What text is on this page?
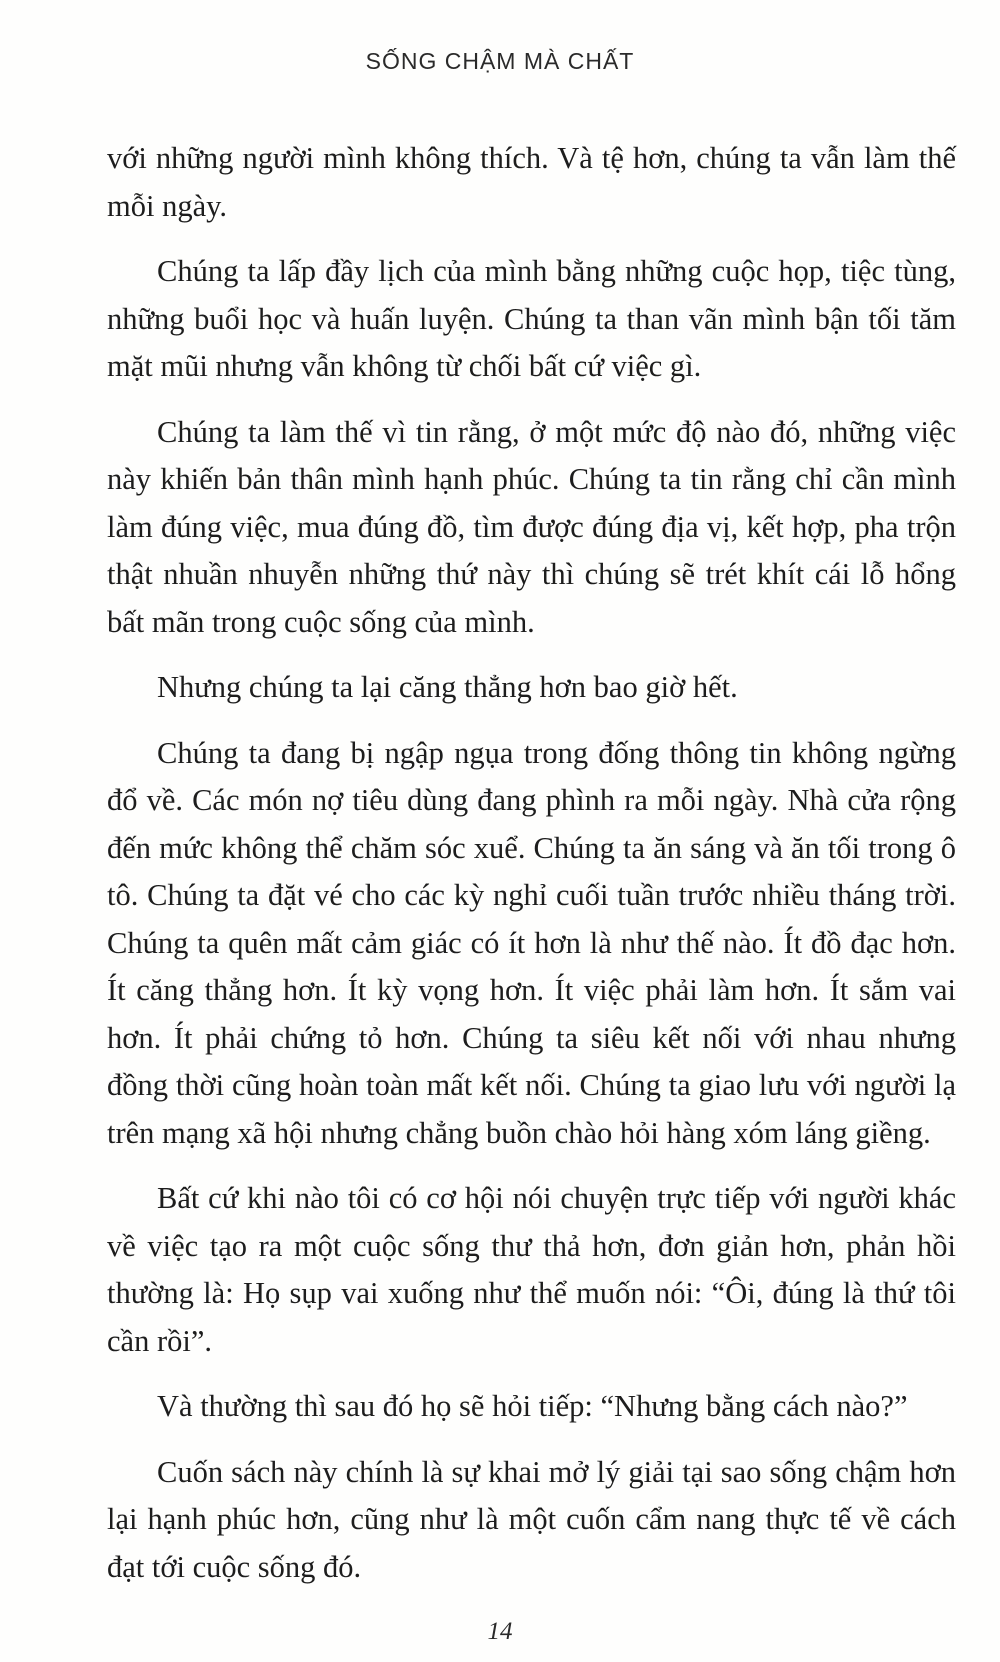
SỐNG CHẬM MÀ CHẤT

với những người mình không thích. Và tệ hơn, chúng ta vẫn làm thế mỗi ngày.

Chúng ta lấp đầy lịch của mình bằng những cuộc họp, tiệc tùng, những buổi học và huấn luyện. Chúng ta than vãn mình bận tối tăm mặt mũi nhưng vẫn không từ chối bất cứ việc gì.

Chúng ta làm thế vì tin rằng, ở một mức độ nào đó, những việc này khiến bản thân mình hạnh phúc. Chúng ta tin rằng chỉ cần mình làm đúng việc, mua đúng đồ, tìm được đúng địa vị, kết hợp, pha trộn thật nhuần nhuyễn những thứ này thì chúng sẽ trét khít cái lỗ hổng bất mãn trong cuộc sống của mình.

Nhưng chúng ta lại căng thẳng hơn bao giờ hết.

Chúng ta đang bị ngập ngụa trong đống thông tin không ngừng đổ về. Các món nợ tiêu dùng đang phình ra mỗi ngày. Nhà cửa rộng đến mức không thể chăm sóc xuể. Chúng ta ăn sáng và ăn tối trong ô tô. Chúng ta đặt vé cho các kỳ nghỉ cuối tuần trước nhiều tháng trời. Chúng ta quên mất cảm giác có ít hơn là như thế nào. Ít đồ đạc hơn. Ít căng thẳng hơn. Ít kỳ vọng hơn. Ít việc phải làm hơn. Ít sắm vai hơn. Ít phải chứng tỏ hơn. Chúng ta siêu kết nối với nhau nhưng đồng thời cũng hoàn toàn mất kết nối. Chúng ta giao lưu với người lạ trên mạng xã hội nhưng chẳng buồn chào hỏi hàng xóm láng giềng.

Bất cứ khi nào tôi có cơ hội nói chuyện trực tiếp với người khác về việc tạo ra một cuộc sống thư thả hơn, đơn giản hơn, phản hồi thường là: Họ sụp vai xuống như thể muốn nói: “Ôi, đúng là thứ tôi cần rồi”.

Và thường thì sau đó họ sẽ hỏi tiếp: “Nhưng bằng cách nào?”

Cuốn sách này chính là sự khai mở lý giải tại sao sống chậm hơn lại hạnh phúc hơn, cũng như là một cuốn cẩm nang thực tế về cách đạt tới cuộc sống đó.

14
